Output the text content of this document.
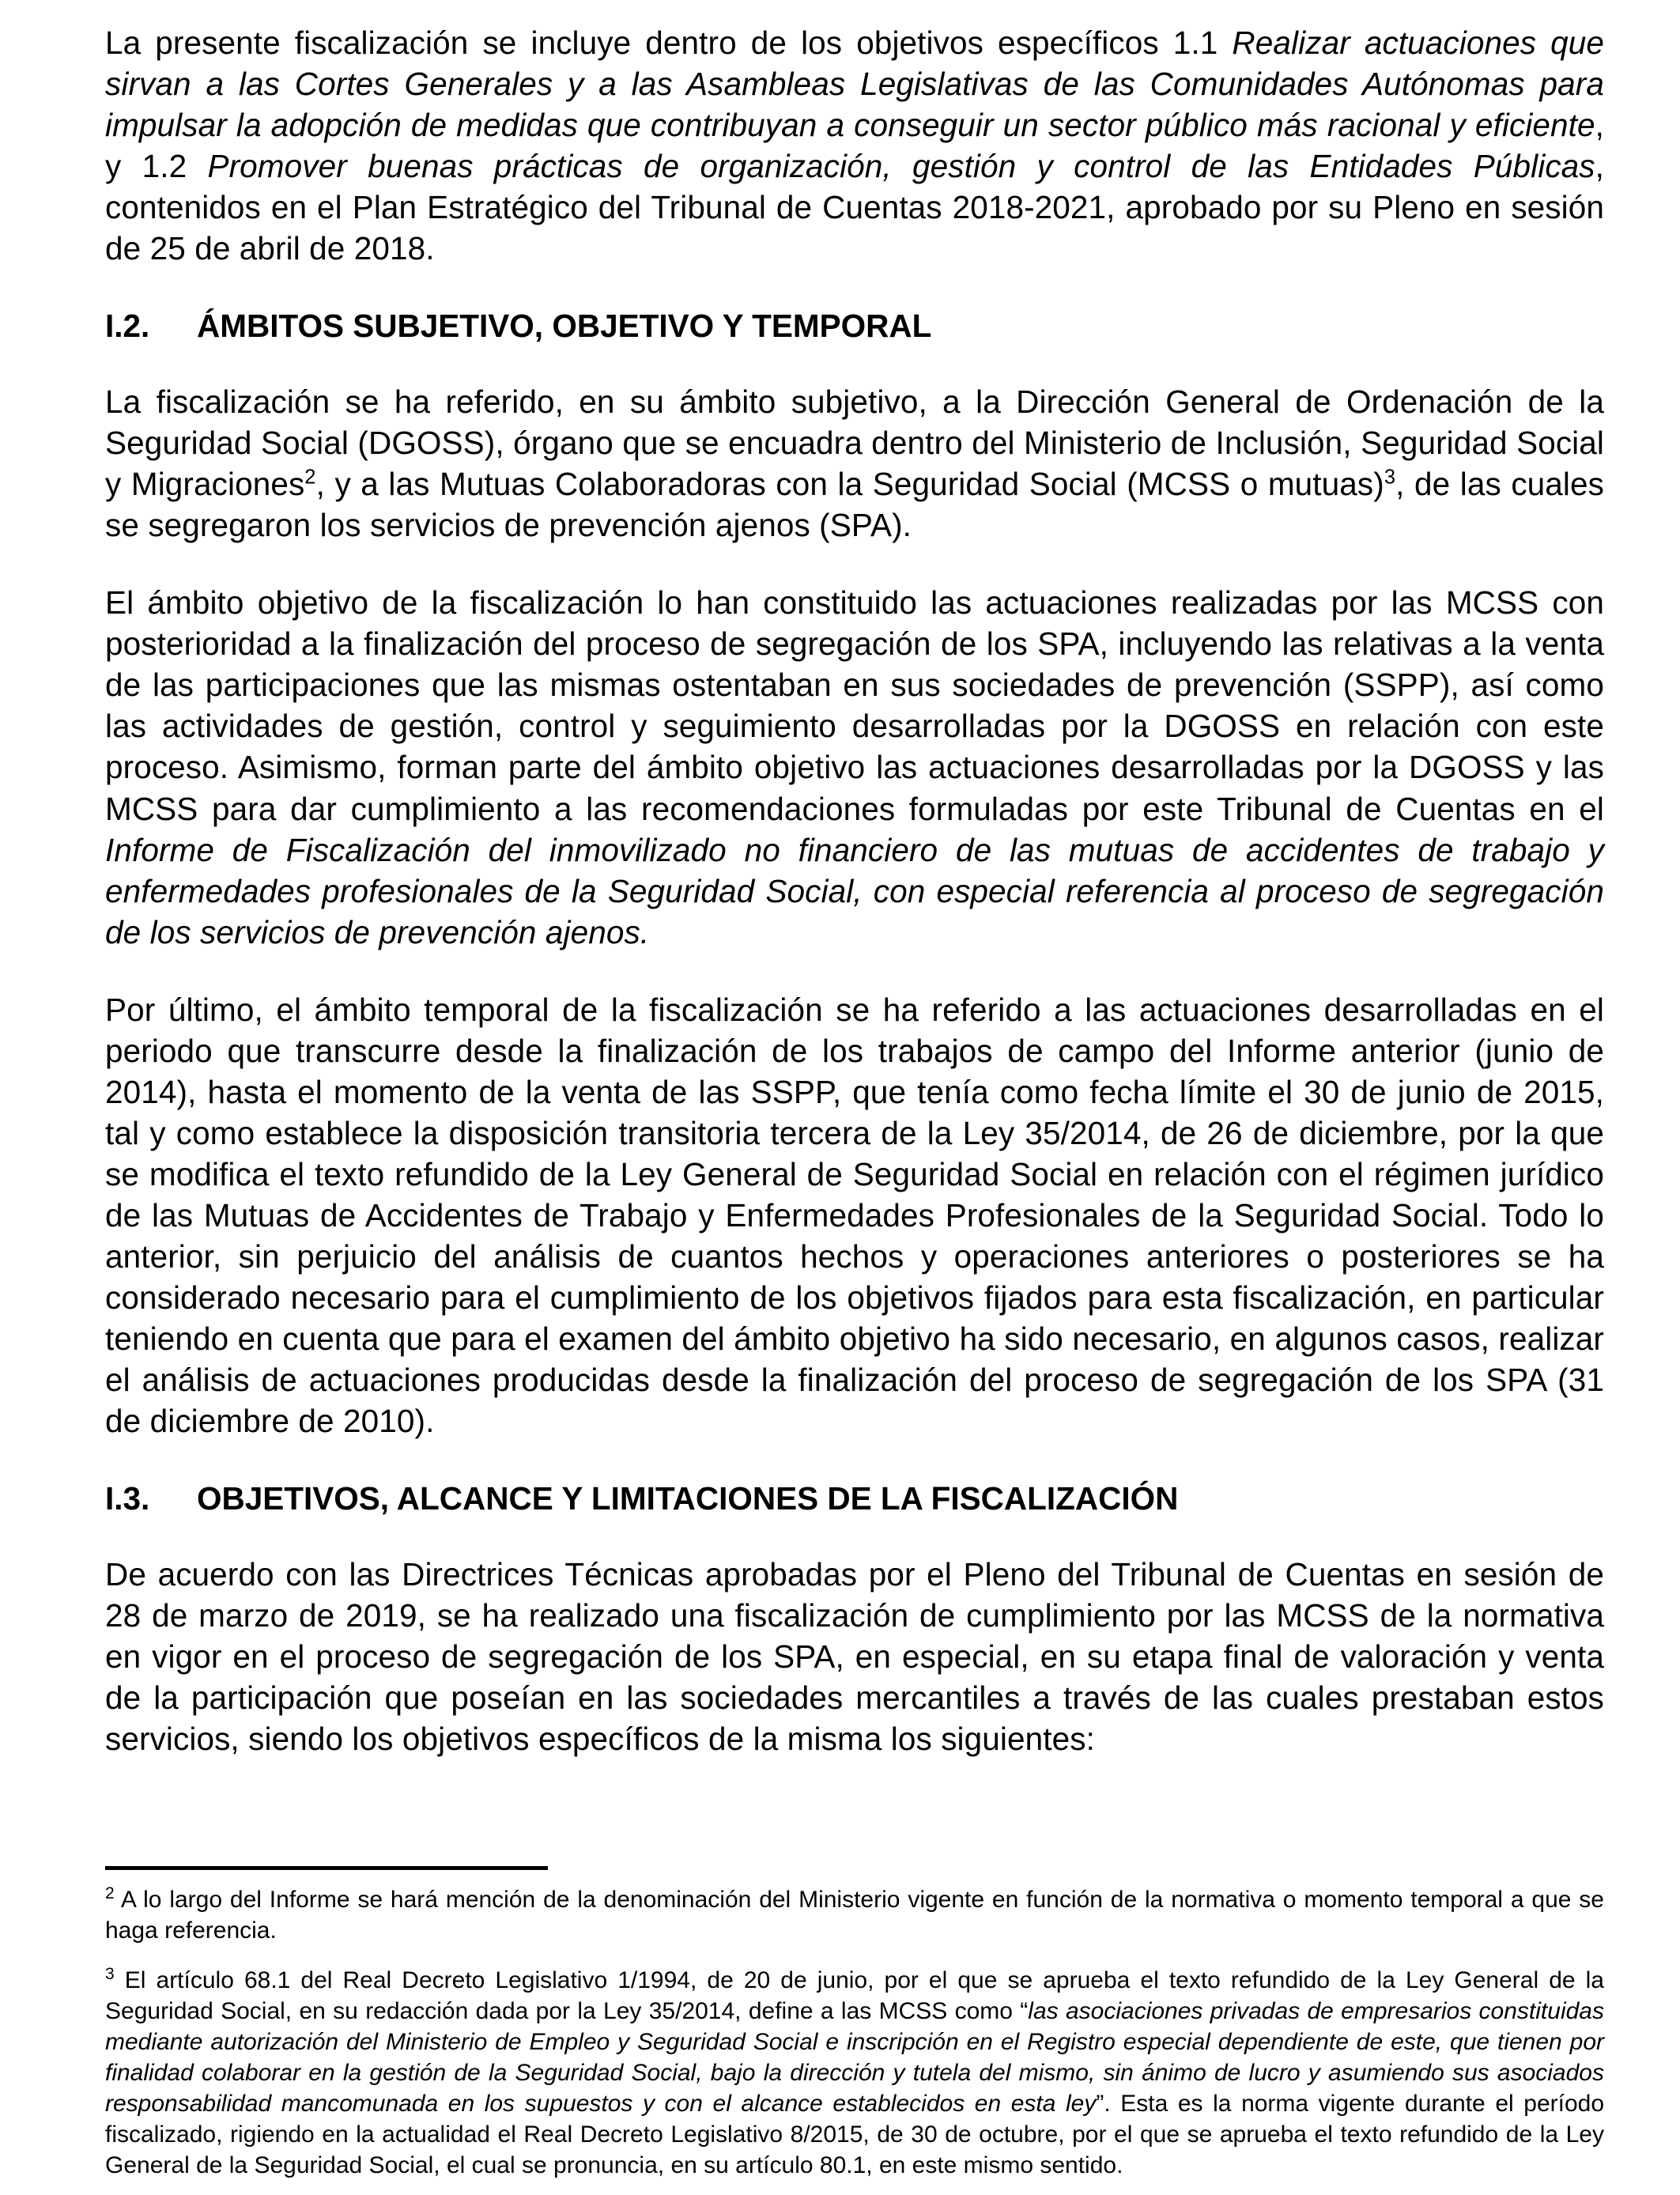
La presente fiscalización se incluye dentro de los objetivos específicos 1.1 Realizar actuaciones que sirvan a las Cortes Generales y a las Asambleas Legislativas de las Comunidades Autónomas para impulsar la adopción de medidas que contribuyan a conseguir un sector público más racional y eficiente, y 1.2 Promover buenas prácticas de organización, gestión y control de las Entidades Públicas, contenidos en el Plan Estratégico del Tribunal de Cuentas 2018-2021, aprobado por su Pleno en sesión de 25 de abril de 2018.

I.2.	ÁMBITOS SUBJETIVO, OBJETIVO Y TEMPORAL

La fiscalización se ha referido, en su ámbito subjetivo, a la Dirección General de Ordenación de la Seguridad Social (DGOSS), órgano que se encuadra dentro del Ministerio de Inclusión, Seguridad Social y Migraciones$^2$, y a las Mutuas Colaboradoras con la Seguridad Social (MCSS o mutuas)$^3$, de las cuales se segregaron los servicios de prevención ajenos (SPA).

El ámbito objetivo de la fiscalización lo han constituido las actuaciones realizadas por las MCSS con posterioridad a la finalización del proceso de segregación de los SPA, incluyendo las relativas a la venta de las participaciones que las mismas ostentaban en sus sociedades de prevención (SSPP), así como las actividades de gestión, control y seguimiento desarrolladas por la DGOSS en relación con este proceso. Asimismo, forman parte del ámbito objetivo las actuaciones desarrolladas por la DGOSS y las MCSS para dar cumplimiento a las recomendaciones formuladas por este Tribunal de Cuentas en el Informe de Fiscalización del inmovilizado no financiero de las mutuas de accidentes de trabajo y enfermedades profesionales de la Seguridad Social, con especial referencia al proceso de segregación de los servicios de prevención ajenos.

Por último, el ámbito temporal de la fiscalización se ha referido a las actuaciones desarrolladas en el periodo que transcurre desde la finalización de los trabajos de campo del Informe anterior (junio de 2014), hasta el momento de la venta de las SSPP, que tenía como fecha límite el 30 de junio de 2015, tal y como establece la disposición transitoria tercera de la Ley 35/2014, de 26 de diciembre, por la que se modifica el texto refundido de la Ley General de Seguridad Social en relación con el régimen jurídico de las Mutuas de Accidentes de Trabajo y Enfermedades Profesionales de la Seguridad Social. Todo lo anterior, sin perjuicio del análisis de cuantos hechos y operaciones anteriores o posteriores se ha considerado necesario para el cumplimiento de los objetivos fijados para esta fiscalización, en particular teniendo en cuenta que para el examen del ámbito objetivo ha sido necesario, en algunos casos, realizar el análisis de actuaciones producidas desde la finalización del proceso de segregación de los SPA (31 de diciembre de 2010).

I.3.	OBJETIVOS, ALCANCE Y LIMITACIONES DE LA FISCALIZACIÓN

De acuerdo con las Directrices Técnicas aprobadas por el Pleno del Tribunal de Cuentas en sesión de 28 de marzo de 2019, se ha realizado una fiscalización de cumplimiento por las MCSS de la normativa en vigor en el proceso de segregación de los SPA, en especial, en su etapa final de valoración y venta de la participación que poseían en las sociedades mercantiles a través de las cuales prestaban estos servicios, siendo los objetivos específicos de la misma los siguientes:

$^2$ A lo largo del Informe se hará mención de la denominación del Ministerio vigente en función de la normativa o momento temporal a que se haga referencia.

$^3$ El artículo 68.1 del Real Decreto Legislativo 1/1994, de 20 de junio, por el que se aprueba el texto refundido de la Ley General de la Seguridad Social, en su redacción dada por la Ley 35/2014, define a las MCSS como “las asociaciones privadas de empresarios constituidas mediante autorización del Ministerio de Empleo y Seguridad Social e inscripción en el Registro especial dependiente de este, que tienen por finalidad colaborar en la gestión de la Seguridad Social, bajo la dirección y tutela del mismo, sin ánimo de lucro y asumiendo sus asociados responsabilidad mancomunada en los supuestos y con el alcance establecidos en esta ley”. Esta es la norma vigente durante el período fiscalizado, rigiendo en la actualidad el Real Decreto Legislativo 8/2015, de 30 de octubre, por el que se aprueba el texto refundido de la Ley General de la Seguridad Social, el cual se pronuncia, en su artículo 80.1, en este mismo sentido.
